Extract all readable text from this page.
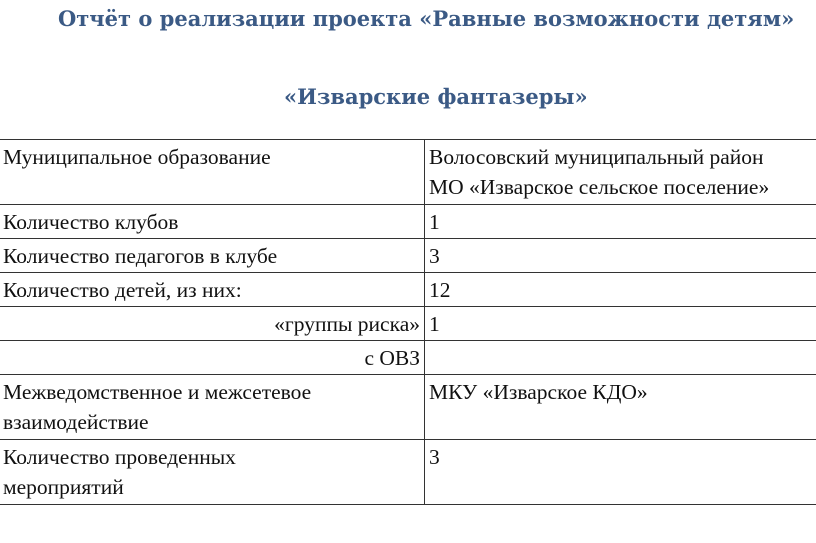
Отчёт о реализации проекта «Равные возможности детям»
«Изварские фантазеры»
Муниципальное образование	Волосовский муниципальный район
МО «Изварское сельское поселение»

Количество клубов	1
Количество педагогов в клубе	3
Количество детей, из них:	12
«группы риска»	1
с ОВЗ	

Межведомственное и межсетевое
взаимодействие	МКУ «Изварское КДО»

Количество проведенных
мероприятий	3
